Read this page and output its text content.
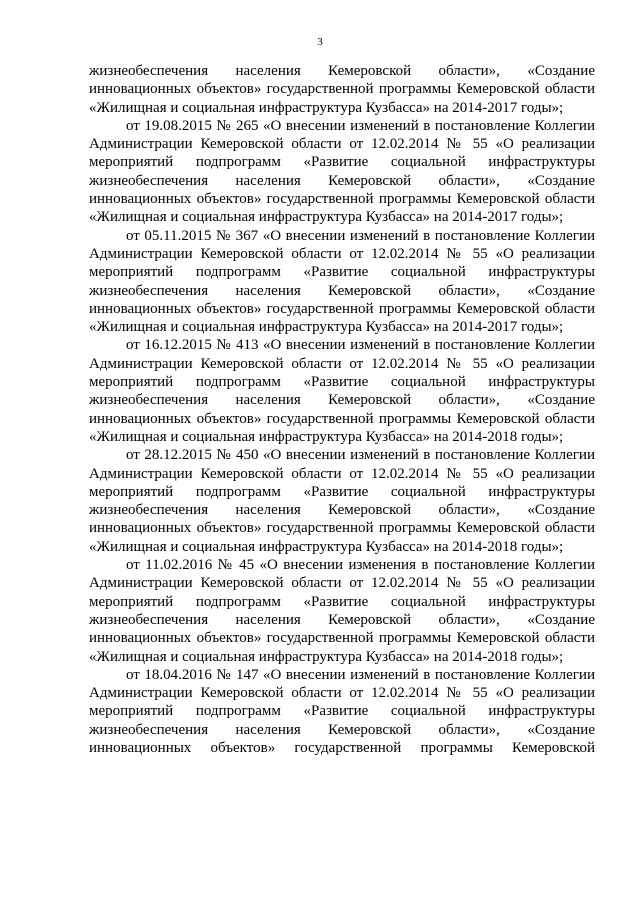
3

жизнеобеспечения населения Кемеровской области», «Создание инновационных объектов» государственной программы Кемеровской области «Жилищная и социальная инфраструктура Кузбасса» на 2014-2017 годы»;

от 19.08.2015 № 265 «О внесении изменений в постановление Коллегии Администрации Кемеровской области от 12.02.2014 № 55 «О реализации мероприятий подпрограмм «Развитие социальной инфраструктуры жизнеобеспечения населения Кемеровской области», «Создание инновационных объектов» государственной программы Кемеровской области «Жилищная и социальная инфраструктура Кузбасса» на 2014-2017 годы»;

от 05.11.2015 № 367 «О внесении изменений в постановление Коллегии Администрации Кемеровской области от 12.02.2014 № 55 «О реализации мероприятий подпрограмм «Развитие социальной инфраструктуры жизнеобеспечения населения Кемеровской области», «Создание инновационных объектов» государственной программы Кемеровской области «Жилищная и социальная инфраструктура Кузбасса» на 2014-2017 годы»;

от 16.12.2015 № 413 «О внесении изменений в постановление Коллегии Администрации Кемеровской области от 12.02.2014 № 55 «О реализации мероприятий подпрограмм «Развитие социальной инфраструктуры жизнеобеспечения населения Кемеровской области», «Создание инновационных объектов» государственной программы Кемеровской области «Жилищная и социальная инфраструктура Кузбасса» на 2014-2018 годы»;

от 28.12.2015 № 450 «О внесении изменений в постановление Коллегии Администрации Кемеровской области от 12.02.2014 № 55 «О реализации мероприятий подпрограмм «Развитие социальной инфраструктуры жизнеобеспечения населения Кемеровской области», «Создание инновационных объектов» государственной программы Кемеровской области «Жилищная и социальная инфраструктура Кузбасса» на 2014-2018 годы»;

от 11.02.2016 № 45 «О внесении изменения в постановление Коллегии Администрации Кемеровской области от 12.02.2014 № 55 «О реализации мероприятий подпрограмм «Развитие социальной инфраструктуры жизнеобеспечения населения Кемеровской области», «Создание инновационных объектов» государственной программы Кемеровской области «Жилищная и социальная инфраструктура Кузбасса» на 2014-2018 годы»;

от 18.04.2016 № 147 «О внесении изменений в постановление Коллегии Администрации Кемеровской области от 12.02.2014 № 55 «О реализации мероприятий подпрограмм «Развитие социальной инфраструктуры жизнеобеспечения населения Кемеровской области», «Создание инновационных объектов» государственной программы Кемеровской
